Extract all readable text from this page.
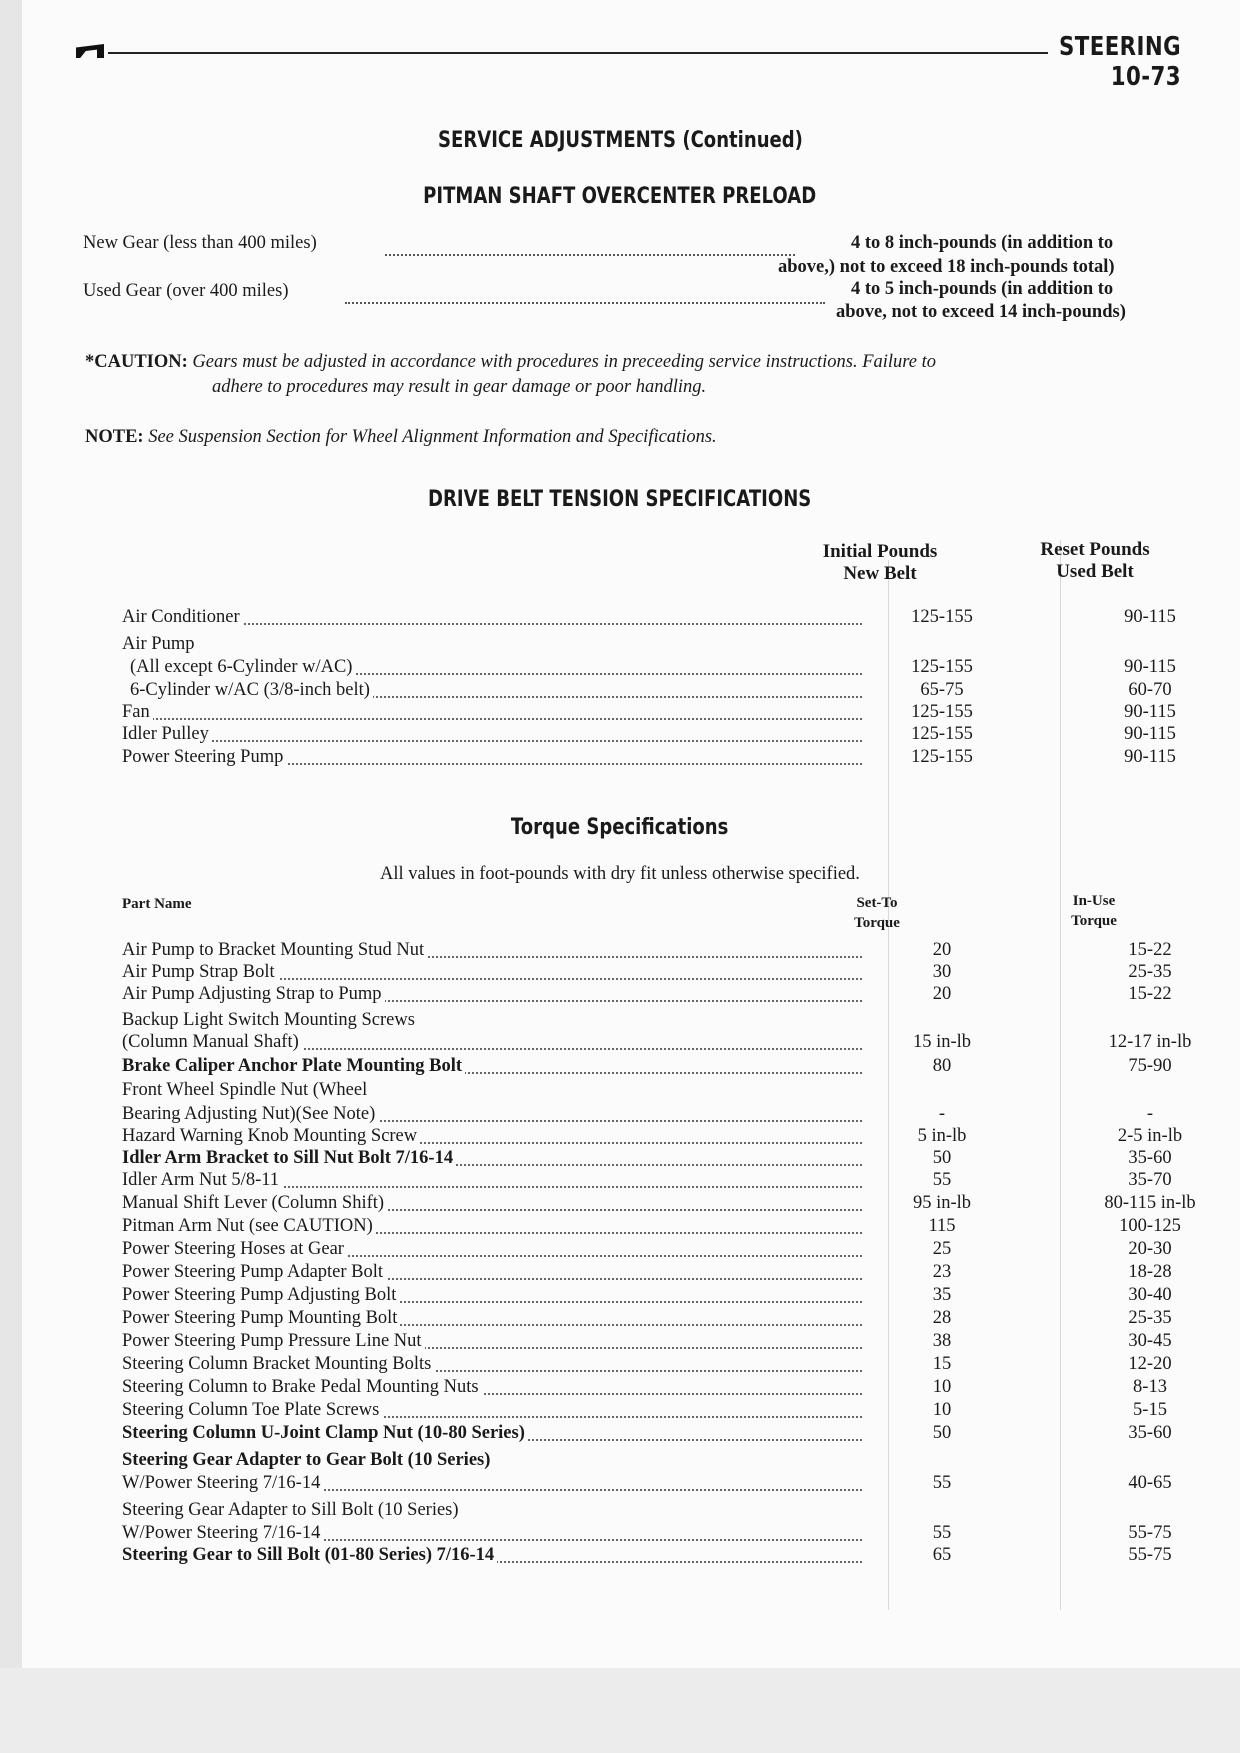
STEERING 10-73
SERVICE ADJUSTMENTS (Continued)
PITMAN SHAFT OVERCENTER PRELOAD
New Gear (less than 400 miles)	4 to 8 inch-pounds (in addition to
above,) not to exceed 18 inch-pounds total)
Used Gear (over 400 miles)	4 to 5 inch-pounds (in addition to
above, not to exceed 14 inch-pounds)
*CAUTION: Gears must be adjusted in accordance with procedures in preceeding service instructions. Failure to
adhere to procedures may result in gear damage or poor handling.
NOTE: See Suspension Section for Wheel Alignment Information and Specifications.
DRIVE BELT TENSION SPECIFICATIONS
Initial Pounds
New Belt
Reset Pounds
Used Belt
Air Conditioner	125-155	90-115
Air Pump
(All except 6-Cylinder w/AC)	125-155	90-115
6-Cylinder w/AC (3/8-inch belt)	65-75	60-70
Fan	125-155	90-115
Idler Pulley	125-155	90-115
Power Steering Pump	125-155	90-115
Torque Specifications
All values in foot-pounds with dry fit unless otherwise specified.
Part Name	Set-To
Torque
In-Use
Torque
Air Pump to Bracket Mounting Stud Nut	20	15-22
Air Pump Strap Bolt	30	25-35
Air Pump Adjusting Strap to Pump	20	15-22
Backup Light Switch Mounting Screws
(Column Manual Shaft)	15 in-lb	12-17 in-lb
Brake Caliper Anchor Plate Mounting Bolt	80	75-90
Front Wheel Spindle Nut (Wheel
Bearing Adjusting Nut)(See Note)	-	-
Hazard Warning Knob Mounting Screw	5 in-lb	2-5 in-lb
Idler Arm Bracket to Sill Nut Bolt 7/16-14	50	35-60
Idler Arm Nut 5/8-11	55	35-70
Manual Shift Lever (Column Shift)	95 in-lb	80-115 in-lb
Pitman Arm Nut (see CAUTION)	115	100-125
Power Steering Hoses at Gear	25	20-30
Power Steering Pump Adapter Bolt	23	18-28
Power Steering Pump Adjusting Bolt	35	30-40
Power Steering Pump Mounting Bolt	28	25-35
Power Steering Pump Pressure Line Nut	38	30-45
Steering Column Bracket Mounting Bolts	15	12-20
Steering Column to Brake Pedal Mounting Nuts	10	8-13
Steering Column Toe Plate Screws	10	5-15
Steering Column U-Joint Clamp Nut (10-80 Series)	50	35-60
Steering Gear Adapter to Gear Bolt (10 Series)
W/Power Steering 7/16-14	55	40-65
Steering Gear Adapter to Sill Bolt (10 Series)
W/Power Steering 7/16-14	55	55-75
Steering Gear to Sill Bolt (01-80 Series) 7/16-14	65	55-75
